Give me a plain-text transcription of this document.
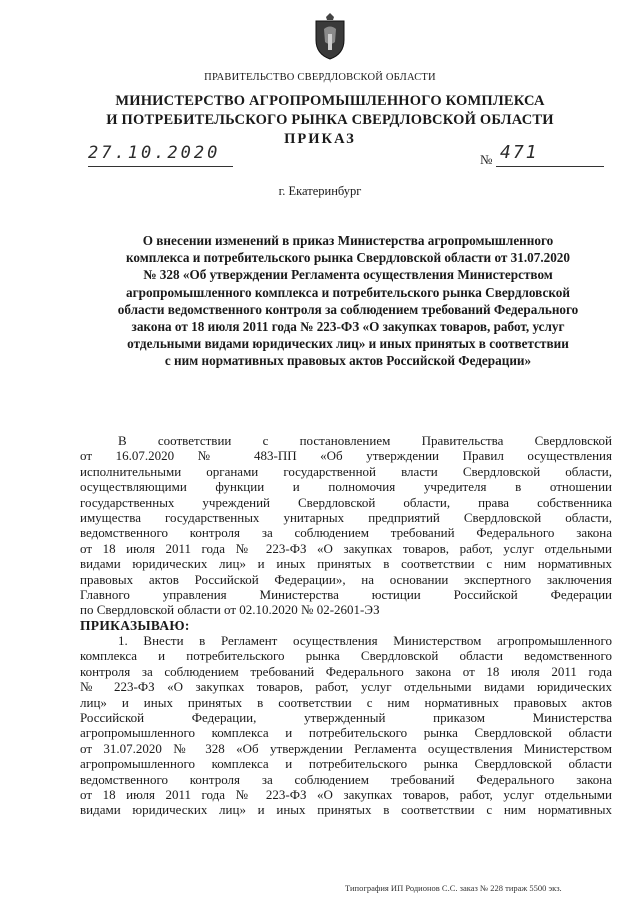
ПРАВИТЕЛЬСТВО СВЕРДЛОВСКОЙ ОБЛАСТИ
МИНИСТЕРСТВО АГРОПРОМЫШЛЕННОГО КОМПЛЕКСА
И ПОТРЕБИТЕЛЬСКОГО РЫНКА СВЕРДЛОВСКОЙ ОБЛАСТИ
ПРИКАЗ
27.10.2020	№ 471
г. Екатеринбург
О внесении изменений в приказ Министерства агропромышленного
комплекса и потребительского рынка Свердловской области от 31.07.2020
№ 328 «Об утверждении Регламента осуществления Министерством
агропромышленного комплекса и потребительского рынка Свердловской
области ведомственного контроля за соблюдением требований Федерального
закона от 18 июля 2011 года № 223-ФЗ «О закупках товаров, работ, услуг
отдельными видами юридических лиц» и иных принятых в соответствии
с ним нормативных правовых актов Российской Федерации»
В соответствии с постановлением Правительства Свердловской
от 16.07.2020 № 483-ПП «Об утверждении Правил осуществления
исполнительными органами государственной власти Свердловской области,
осуществляющими функции и полномочия учредителя в отношении
государственных учреждений Свердловской области, права собственника
имущества государственных унитарных предприятий Свердловской области,
ведомственного контроля за соблюдением требований Федерального закона
от 18 июля 2011 года № 223-ФЗ «О закупках товаров, работ, услуг отдельными
видами юридических лиц» и иных принятых в соответствии с ним нормативных
правовых актов Российской Федерации», на основании экспертного заключения
Главного управления Министерства юстиции Российской Федерации
по Свердловской области от 02.10.2020 № 02-2601-ЭЗ
ПРИКАЗЫВАЮ:
1. Внести в Регламент осуществления Министерством агропромышленного
комплекса и потребительского рынка Свердловской области ведомственного
контроля за соблюдением требований Федерального закона от 18 июля 2011 года
№ 223-ФЗ «О закупках товаров, работ, услуг отдельными видами юридических
лиц» и иных принятых в соответствии с ним нормативных правовых актов
Российской Федерации, утвержденный приказом Министерства
агропромышленного комплекса и потребительского рынка Свердловской области
от 31.07.2020 № 328 «Об утверждении Регламента осуществления Министерством
агропромышленного комплекса и потребительского рынка Свердловской области
ведомственного контроля за соблюдением требований Федерального закона
от 18 июля 2011 года № 223-ФЗ «О закупках товаров, работ, услуг отдельными
видами юридических лиц» и иных принятых в соответствии с ним нормативных
Типография ИП Родионов С.С. заказ № 228 тираж 5500 экз.
